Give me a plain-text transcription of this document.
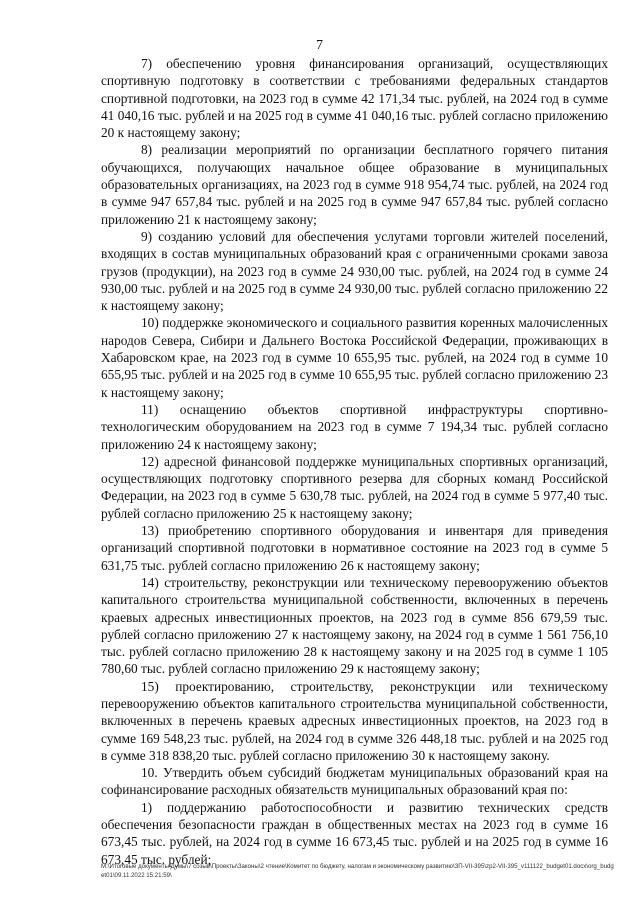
7

7) обеспечению уровня финансирования организаций, осуществляющих спортивную подготовку в соответствии с требованиями федеральных стандартов спортивной подготовки, на 2023 год в сумме 42 171,34 тыс. рублей, на 2024 год в сумме 41 040,16 тыс. рублей и на 2025 год в сумме 41 040,16 тыс. рублей согласно приложению 20 к настоящему закону;

8) реализации мероприятий по организации бесплатного горячего питания обучающихся, получающих начальное общее образование в муниципальных образовательных организациях, на 2023 год в сумме 918 954,74 тыс. рублей, на 2024 год в сумме 947 657,84 тыс. рублей и на 2025 год в сумме 947 657,84 тыс. рублей согласно приложению 21 к настоящему закону;

9) созданию условий для обеспечения услугами торговли жителей поселений, входящих в состав муниципальных образований края с ограниченными сроками завоза грузов (продукции), на 2023 год в сумме 24 930,00 тыс. рублей, на 2024 год в сумме 24 930,00 тыс. рублей и на 2025 год в сумме 24 930,00 тыс. рублей согласно приложению 22 к настоящему закону;

10) поддержке экономического и социального развития коренных малочисленных народов Севера, Сибири и Дальнего Востока Российской Федерации, проживающих в Хабаровском крае, на 2023 год в сумме 10 655,95 тыс. рублей, на 2024 год в сумме 10 655,95 тыс. рублей и на 2025 год в сумме 10 655,95 тыс. рублей согласно приложению 23 к настоящему закону;

11) оснащению объектов спортивной инфраструктуры спортивно-технологическим оборудованием на 2023 год в сумме 7 194,34 тыс. рублей согласно приложению 24 к настоящему закону;

12) адресной финансовой поддержке муниципальных спортивных организаций, осуществляющих подготовку спортивного резерва для сборных команд Российской Федерации, на 2023 год в сумме 5 630,78 тыс. рублей, на 2024 год в сумме 5 977,40 тыс. рублей согласно приложению 25 к настоящему закону;

13) приобретению спортивного оборудования и инвентаря для приведения организаций спортивной подготовки в нормативное состояние на 2023 год в сумме 5 631,75 тыс. рублей согласно приложению 26 к настоящему закону;

14) строительству, реконструкции или техническому перевооружению объектов капитального строительства муниципальной собственности, включенных в перечень краевых адресных инвестиционных проектов, на 2023 год в сумме 856 679,59 тыс. рублей согласно приложению 27 к настоящему закону, на 2024 год в сумме 1 561 756,10 тыс. рублей согласно приложению 28 к настоящему закону и на 2025 год в сумме 1 105 780,60 тыс. рублей согласно приложению 29 к настоящему закону;

15) проектированию, строительству, реконструкции или техническому перевооружению объектов капитального строительства муниципальной собственности, включенных в перечень краевых адресных инвестиционных проектов, на 2023 год в сумме 169 548,23 тыс. рублей, на 2024 год в сумме 326 448,18 тыс. рублей и на 2025 год в сумме 318 838,20 тыс. рублей согласно приложению 30 к настоящему закону.

10. Утвердить объем субсидий бюджетам муниципальных образований края на софинансирование расходных обязательств муниципальных образований края по:

1) поддержанию работоспособности и развитию технических средств обеспечения безопасности граждан в общественных местах на 2023 год в сумме 16 673,45 тыс. рублей, на 2024 год в сумме 16 673,45 тыс. рублей и на 2025 год в сумме 16 673,45 тыс. рублей;

M:\Итоговые документы Думы\7 созыв\Проекты\Законы\2 чтение\Комитет по бюджету, налогам и экономическому развитию\ЗП-VII-395\zp2-VII-395_v111122_budget01.docx\org_budget01\09.11.2022 15:21:59\
